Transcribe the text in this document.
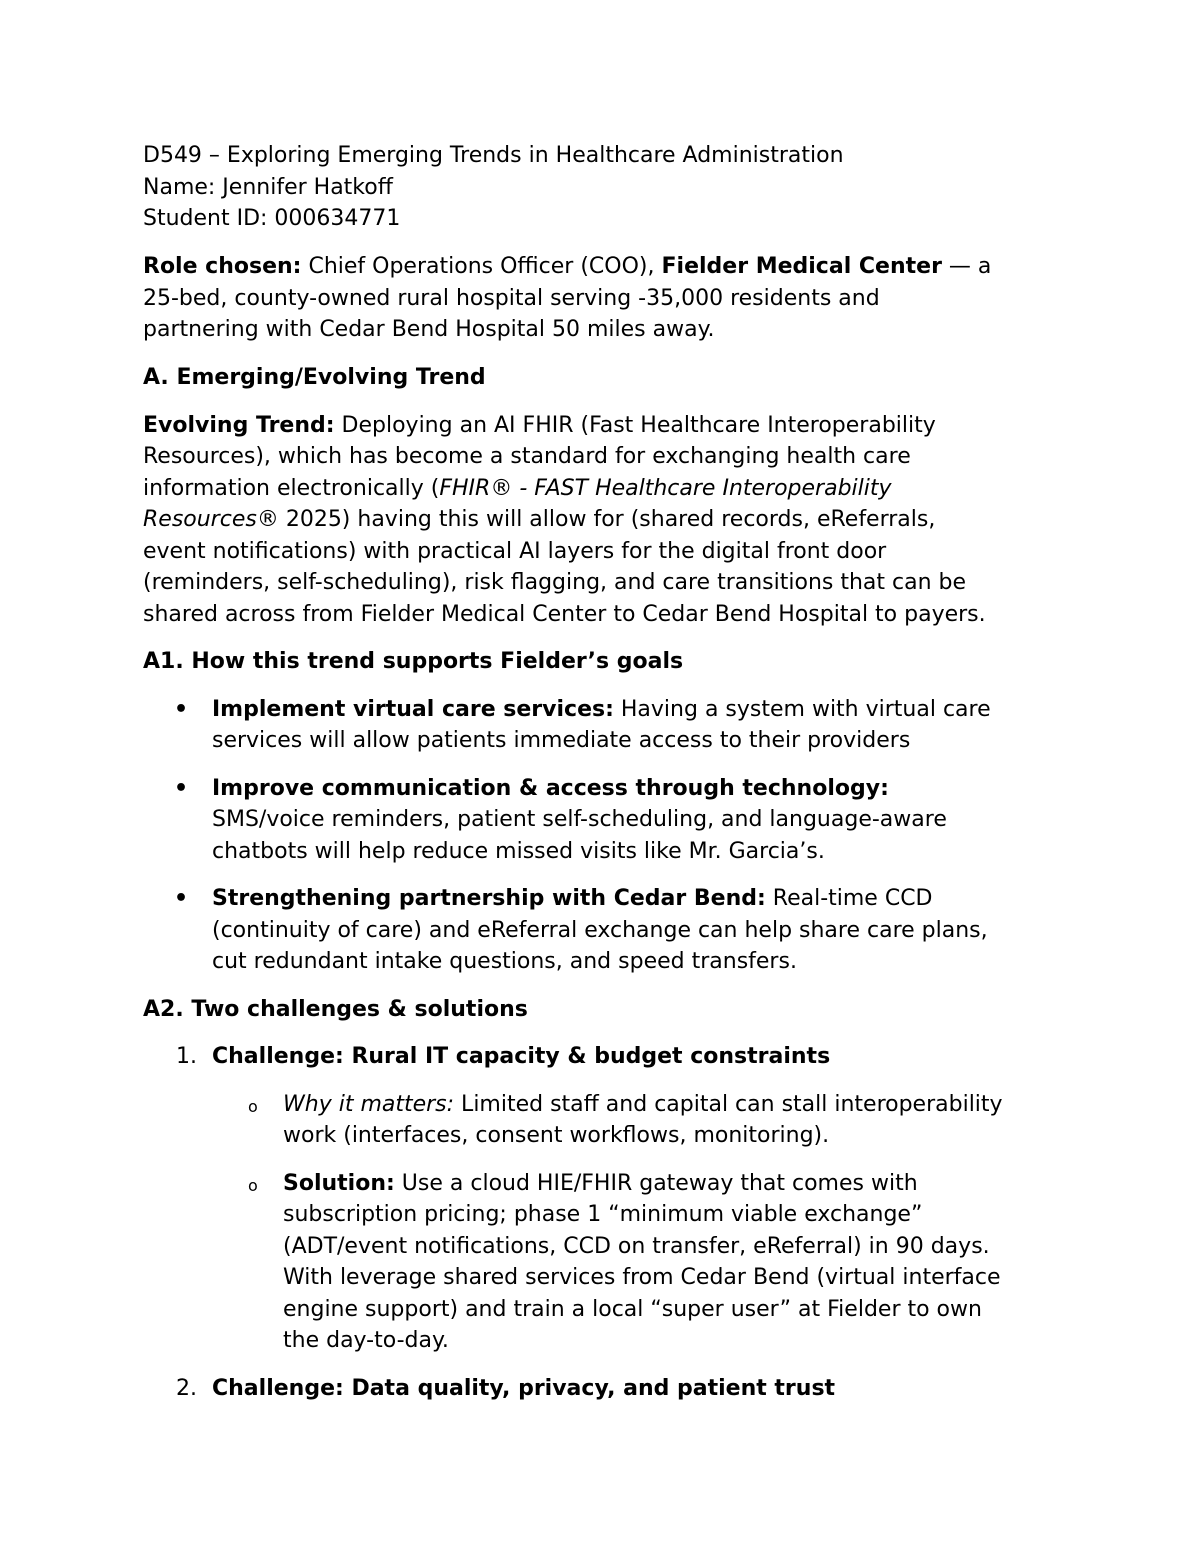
D549 – Exploring Emerging Trends in Healthcare Administration
Name: Jennifer Hatkoff
Student ID: 000634771

Role chosen: Chief Operations Officer (COO), Fielder Medical Center — a
25-bed, county-owned rural hospital serving -35,000 residents and
partnering with Cedar Bend Hospital 50 miles away.

A. Emerging/Evolving Trend

Evolving Trend: Deploying an AI FHIR (Fast Healthcare Interoperability
Resources), which has become a standard for exchanging health care
information electronically (FHIR® - FAST Healthcare Interoperability
Resources® 2025) having this will allow for (shared records, eReferrals,
event notifications) with practical AI layers for the digital front door
(reminders, self-scheduling), risk flagging, and care transitions that can be
shared across from Fielder Medical Center to Cedar Bend Hospital to payers.

A1. How this trend supports Fielder’s goals

• Implement virtual care services: Having a system with virtual care
services will allow patients immediate access to their providers
• Improve communication & access through technology:
SMS/voice reminders, patient self-scheduling, and language-aware
chatbots will help reduce missed visits like Mr. Garcia’s.
• Strengthening partnership with Cedar Bend: Real-time CCD
(continuity of care) and eReferral exchange can help share care plans,
cut redundant intake questions, and speed transfers.

A2. Two challenges & solutions

1. Challenge: Rural IT capacity & budget constraints
o Why it matters: Limited staff and capital can stall interoperability
work (interfaces, consent workflows, monitoring).
o Solution: Use a cloud HIE/FHIR gateway that comes with
subscription pricing; phase 1 “minimum viable exchange”
(ADT/event notifications, CCD on transfer, eReferral) in 90 days.
With leverage shared services from Cedar Bend (virtual interface
engine support) and train a local “super user” at Fielder to own
the day-to-day.
2. Challenge: Data quality, privacy, and patient trust
